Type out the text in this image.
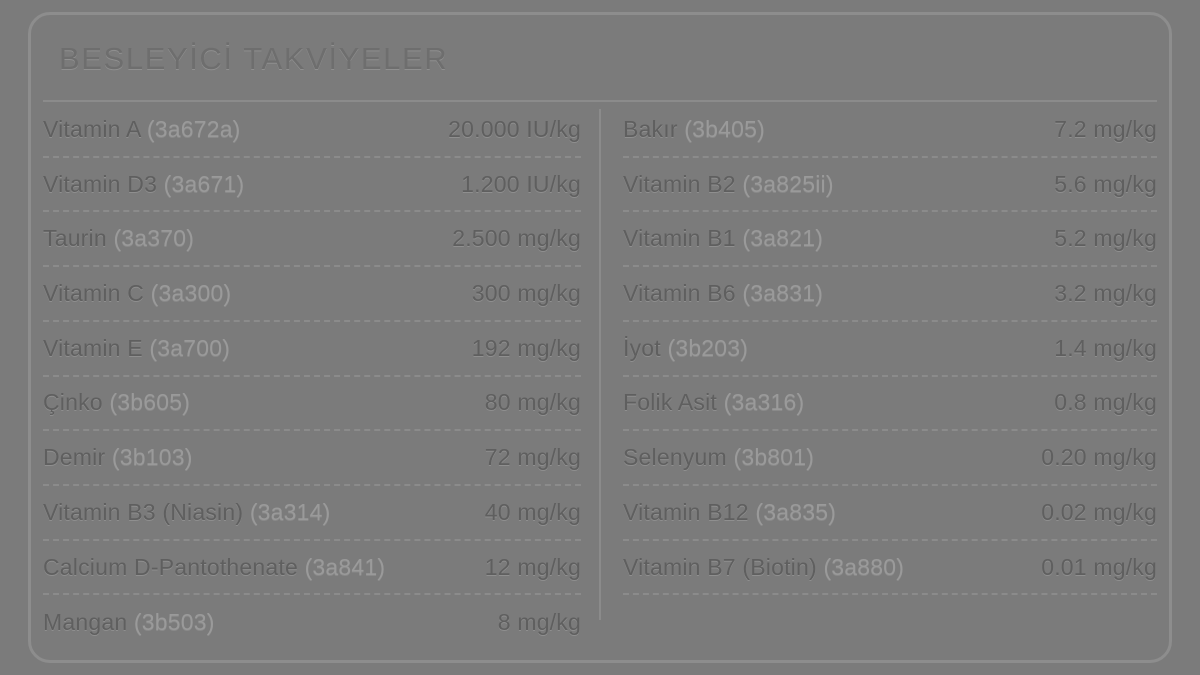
BESLEYİCİ TAKVİYELER
Vitamin A (3a672a)	20.000 IU/kg
Vitamin D3 (3a671)	1.200 IU/kg
Taurin (3a370)	2.500 mg/kg
Vitamin C (3a300)	300 mg/kg
Vitamin E (3a700)	192 mg/kg
Çinko (3b605)	80 mg/kg
Demir (3b103)	72 mg/kg
Vitamin B3 (Niasin) (3a314)	40 mg/kg
Calcium D-Pantothenate (3a841)	12 mg/kg
Mangan (3b503)	8 mg/kg
Bakır (3b405)	7.2 mg/kg
Vitamin B2 (3a825ii)	5.6 mg/kg
Vitamin B1 (3a821)	5.2 mg/kg
Vitamin B6 (3a831)	3.2 mg/kg
İyot (3b203)	1.4 mg/kg
Folik Asit (3a316)	0.8 mg/kg
Selenyum (3b801)	0.20 mg/kg
Vitamin B12 (3a835)	0.02 mg/kg
Vitamin B7 (Biotin) (3a880)	0.01 mg/kg
